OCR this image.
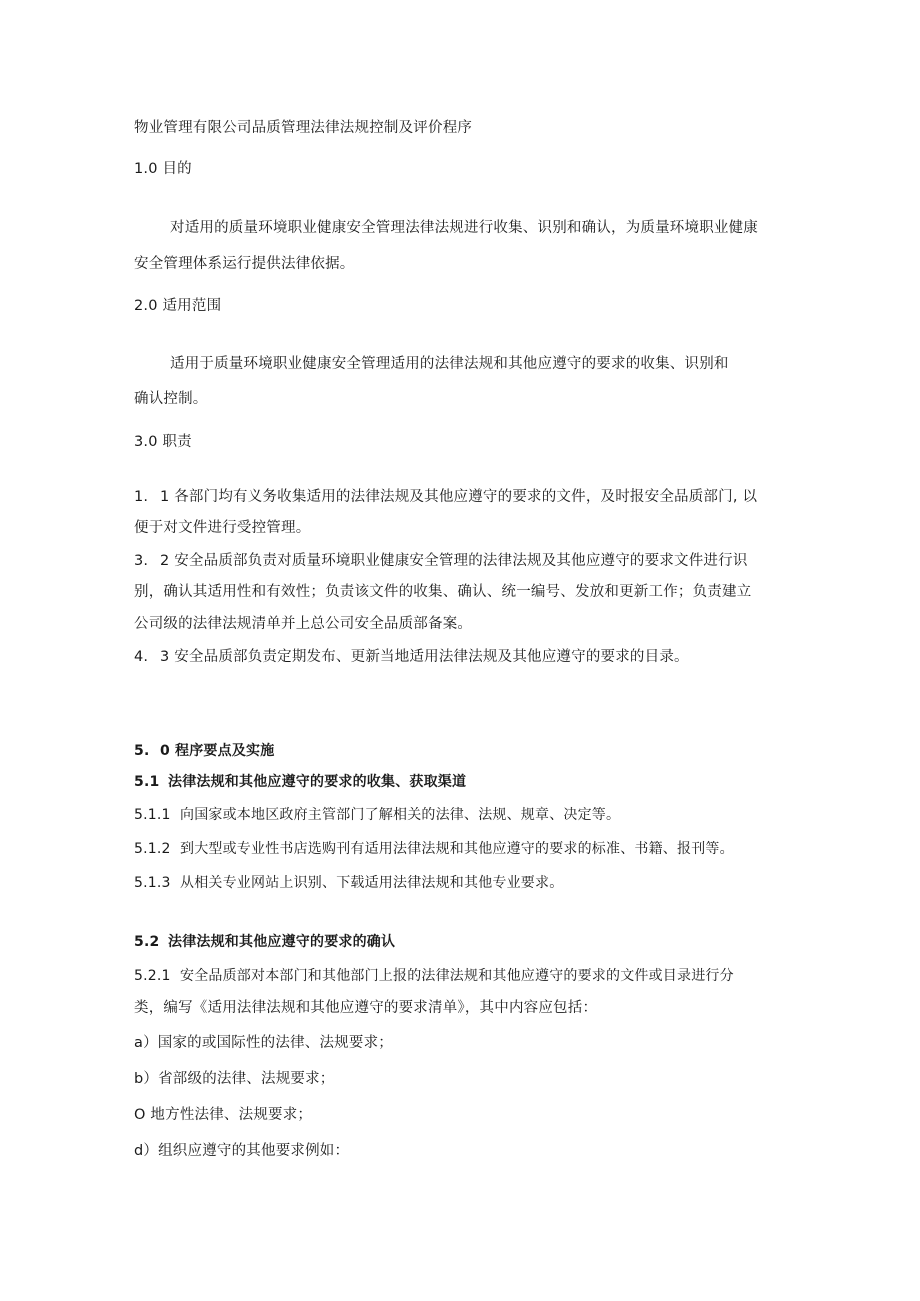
物业管理有限公司品质管理法律法规控制及评价程序
1.0 目的
对适用的质量环境职业健康安全管理法律法规进行收集、识别和确认，为质量环境职业健康
安全管理体系运行提供法律依据。
2.0 适用范围
适用于质量环境职业健康安全管理适用的法律法规和其他应遵守的要求的收集、识别和
确认控制。
3.0 职责
1. 1 各部门均有义务收集适用的法律法规及其他应遵守的要求的文件，及时报安全品质部门, 以
便于对文件进行受控管理。
3. 2 安全品质部负责对质量环境职业健康安全管理的法律法规及其他应遵守的要求文件进行识
别，确认其适用性和有效性；负责该文件的收集、确认、统一编号、发放和更新工作；负责建立
公司级的法律法规清单并上总公司安全品质部备案。
4. 3 安全品质部负责定期发布、更新当地适用法律法规及其他应遵守的要求的目录。
5. 0 程序要点及实施
5.1 法律法规和其他应遵守的要求的收集、获取渠道
5.1.1 向国家或本地区政府主管部门了解相关的法律、法规、规章、决定等。
5.1.2 到大型或专业性书店选购刊有适用法律法规和其他应遵守的要求的标准、书籍、报刊等。
5.1.3 从相关专业网站上识别、下载适用法律法规和其他专业要求。
5.2 法律法规和其他应遵守的要求的确认
5.2.1 安全品质部对本部门和其他部门上报的法律法规和其他应遵守的要求的文件或目录进行分
类，编写《适用法律法规和其他应遵守的要求清单》，其中内容应包括：
a）国家的或国际性的法律、法规要求；
b）省部级的法律、法规要求；
O 地方性法律、法规要求；
d）组织应遵守的其他要求例如：
